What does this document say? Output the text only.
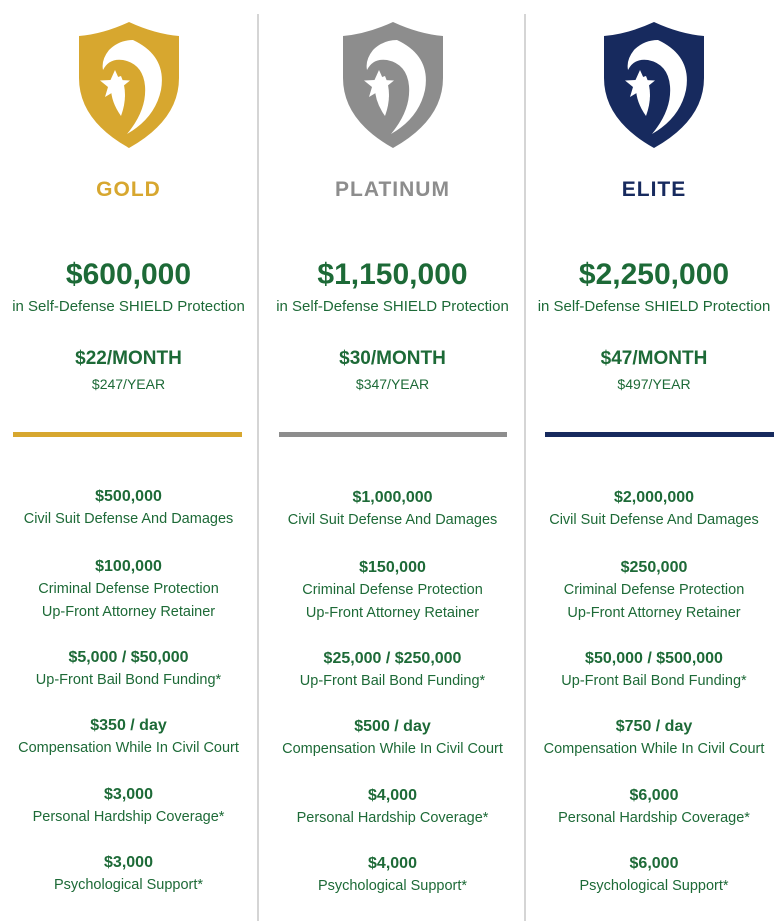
GOLD
$600,000
in Self-Defense SHIELD Protection
$22/MONTH
$247/YEAR
$500,000
Civil Suit Defense And Damages
$100,000
Criminal Defense Protection
Up-Front Attorney Retainer
$5,000 / $50,000
Up-Front Bail Bond Funding*
$350 / day
Compensation While In Civil Court
$3,000
Personal Hardship Coverage*
$3,000
Psychological Support*
PLATINUM
$1,150,000
in Self-Defense SHIELD Protection
$30/MONTH
$347/YEAR
$1,000,000
Civil Suit Defense And Damages
$150,000
Criminal Defense Protection
Up-Front Attorney Retainer
$25,000 / $250,000
Up-Front Bail Bond Funding*
$500 / day
Compensation While In Civil Court
$4,000
Personal Hardship Coverage*
$4,000
Psychological Support*
ELITE
$2,250,000
in Self-Defense SHIELD Protection
$47/MONTH
$497/YEAR
$2,000,000
Civil Suit Defense And Damages
$250,000
Criminal Defense Protection
Up-Front Attorney Retainer
$50,000 / $500,000
Up-Front Bail Bond Funding*
$750 / day
Compensation While In Civil Court
$6,000
Personal Hardship Coverage*
$6,000
Psychological Support*
